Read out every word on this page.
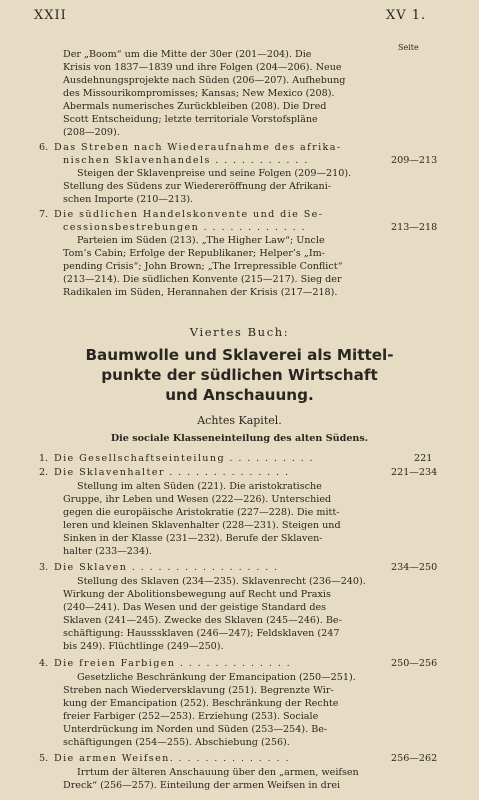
XXII	XV 1.
Seite
Der „Boom“ um die Mitte der 30er (201—204). Die
Krisis von 1837—1839 und ihre Folgen (204—206). Neue
Ausdehnungsprojekte nach Süden (206—207). Aufhebung
des Missourikompromisses; Kansas; New Mexico (208).
Abermals numerisches Zurückbleiben (208). Die Dred
Scott Entscheidung; letzte territoriale Vorstofspläne
(208—209).
6. Das Streben nach Wiederaufnahme des afrika-
nischen Sklavenhandels . . . . . . . . . . .	209—213
Steigen der Sklavenpreise und seine Folgen (209—210).
Stellung des Südens zur Wiedereröffnung der Afrikani-
schen Importe (210—213).
7. Die südlichen Handelskonvente und die Se-
cessionsbestrebungen . . . . . . . . . . . .	213—218
Parteien im Süden (213). „The Higher Law“; Uncle
Tom’s Cabin; Erfolge der Republikaner; Helper’s „Im-
pending Crisis“; John Brown; „The Irrepressible Conflict“
(213—214). Die südlichen Konvente (215—217). Sieg der
Radikalen im Süden, Herannahen der Krisis (217—218).
Viertes Buch:
Baumwolle und Sklaverei als Mittel-
punkte der südlichen Wirtschaft
und Anschauung.
Achtes Kapitel.
Die sociale Klasseneinteilung des alten Südens.
1. Die Gesellschaftseinteilung . . . . . . . . . .	221
2. Die Sklavenhalter . . . . . . . . . . . . . .	221—234
Stellung im alten Süden (221). Die aristokratische
Gruppe, ihr Leben und Wesen (222—226). Unterschied
gegen die europäische Aristokratie (227—228). Die mitt-
leren und kleinen Sklavenhalter (228—231). Steigen und
Sinken in der Klasse (231—232). Berufe der Sklaven-
halter (233—234).
3. Die Sklaven . . . . . . . . . . . . . . . . .	234—250
Stellung des Sklaven (234—235). Sklavenrecht (236—240).
Wirkung der Abolitionsbewegung auf Recht und Praxis
(240—241). Das Wesen und der geistige Standard des
Sklaven (241—245). Zwecke des Sklaven (245—246). Be-
schäftigung: Hausssklaven (246—247); Feldsklaven (247
bis 249). Flüchtlinge (249—250).
4. Die freien Farbigen . . . . . . . . . . . . .	250—256
Gesetzliche Beschränkung der Emancipation (250—251).
Streben nach Wiederversklavung (251). Begrenzte Wir-
kung der Emancipation (252). Beschränkung der Rechte
freier Farbiger (252—253). Erziehung (253). Sociale
Unterdrückung im Norden und Süden (253—254). Be-
schäftigungen (254—255). Abschiebung (256).
5. Die armen Weifsen. . . . . . . . . . . . . .	256—262
Irrtum der älteren Anschauung über den „armen, weifsen
Dreck“ (256—257). Einteilung der armen Weifsen in drei
